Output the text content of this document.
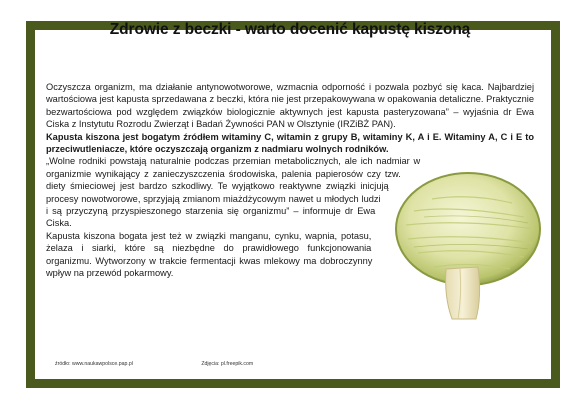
Zdrowie z beczki - warto docenić kapustę kiszoną

Oczyszcza organizm, ma działanie antynowotworowe, wzmacnia odporność i pozwala pozbyć się kaca. Najbardziej wartościowa jest kapusta sprzedawana z beczki, która nie jest przepakowywana w opakowania detaliczne. Praktycznie bezwartościowa pod względem związków biologicznie aktywnych jest kapusta pasteryzowana” – wyjaśnia dr Ewa Ciska z Instytutu Rozrodu Zwierząt i Badań Żywności PAN w Olsztynie (IRZiBŻ PAN).

Kapusta kiszona jest bogatym źródłem witaminy C, witamin z grupy B, witaminy K, A i E. Witaminy A, C i E to przeciwutleniacze, które oczyszczają organizm z nadmiaru wolnych rodników.

„Wolne rodniki powstają naturalnie podczas przemian metabolicznych, ale ich nadmiar w organizmie wynikający z zanieczyszczenia środowiska, palenia papierosów czy tzw. diety śmieciowej jest bardzo szkodliwy. Te wyjątkowo reaktywne związki inicjują procesy nowotworowe, sprzyjają zmianom miażdżycowym nawet u młodych ludzi i są przyczyną przyspieszonego starzenia się organizmu” – informuje dr Ewa Ciska.

Kapusta kiszona bogata jest też w związki manganu, cynku, wapnia, potasu, żelaza i siarki, które są niezbędne do prawidłowego funkcjonowania organizmu. Wytworzony w trakcie fermentacji kwas mlekowy ma dobroczynny wpływ na przewód pokarmowy.

źródło: www.naukawpolsce.pap.pl	Zdjęcia: pl.freepik.com
